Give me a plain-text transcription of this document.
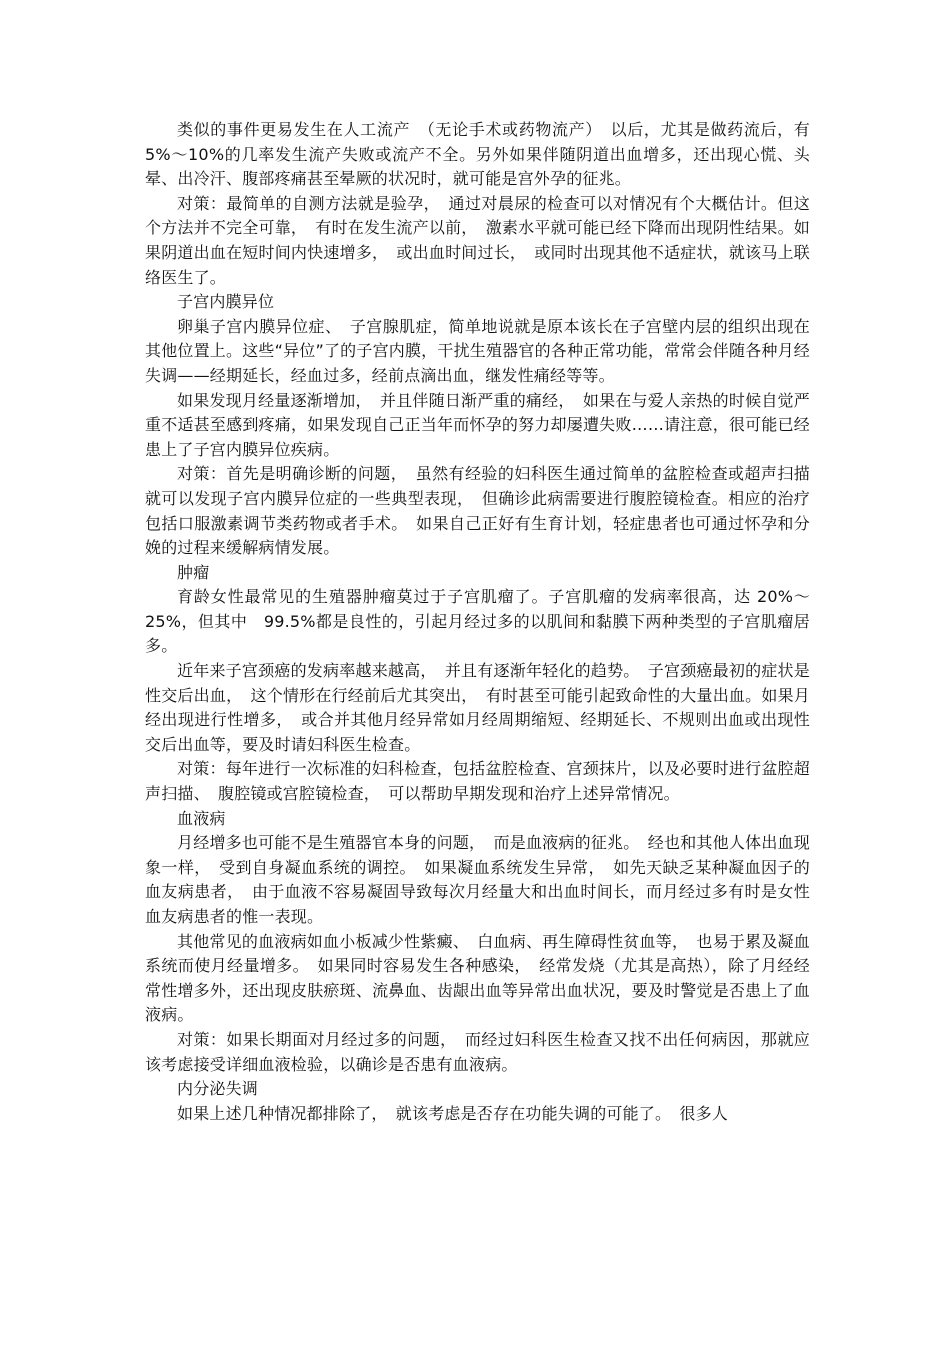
类似的事件更易发生在人工流产　（无论手术或药物流产）　以后，尤其是做药流后，有　5%～10%的几率发生流产失败或流产不全。另外如果伴随阴道出血增多，还出现心慌、头晕、出冷汗、腹部疼痛甚至晕厥的状况时，就可能是宫外孕的征兆。

对策：最简单的自测方法就是验孕，　通过对晨尿的检查可以对情况有个大概估计。但这个方法并不完全可靠，　有时在发生流产以前，　激素水平就可能已经下降而出现阴性结果。如果阴道出血在短时间内快速增多，　或出血时间过长，　或同时出现其他不适症状，就该马上联络医生了。

子宫内膜异位

卵巢子宫内膜异位症、　子宫腺肌症，简单地说就是原本该长在子宫壁内层的组织出现在其他位置上。这些“异位”了的子宫内膜，干扰生殖器官的各种正常功能，常常会伴随各种月经失调——经期延长，经血过多，经前点滴出血，继发性痛经等等。

如果发现月经量逐渐增加，　并且伴随日渐严重的痛经，　如果在与爱人亲热的时候自觉严重不适甚至感到疼痛，如果发现自己正当年而怀孕的努力却屡遭失败……请注意，很可能已经患上了子宫内膜异位疾病。

对策：首先是明确诊断的问题，　虽然有经验的妇科医生通过简单的盆腔检查或超声扫描就可以发现子宫内膜异位症的一些典型表现，　但确诊此病需要进行腹腔镜检查。相应的治疗包括口服激素调节类药物或者手术。　如果自己正好有生育计划，轻症患者也可通过怀孕和分娩的过程来缓解病情发展。

肿瘤

育龄女性最常见的生殖器肿瘤莫过于子宫肌瘤了。子宫肌瘤的发病率很高，达 20%～25%，但其中　99.5%都是良性的，引起月经过多的以肌间和黏膜下两种类型的子宫肌瘤居多。

近年来子宫颈癌的发病率越来越高，　并且有逐渐年轻化的趋势。　子宫颈癌最初的症状是性交后出血，　这个情形在行经前后尤其突出，　有时甚至可能引起致命性的大量出血。如果月经出现进行性增多，　或合并其他月经异常如月经周期缩短、经期延长、不规则出血或出现性交后出血等，要及时请妇科医生检查。

对策：每年进行一次标准的妇科检查，包括盆腔检查、宫颈抹片，以及必要时进行盆腔超声扫描、　腹腔镜或宫腔镜检查，　可以帮助早期发现和治疗上述异常情况。

血液病

月经增多也可能不是生殖器官本身的问题，　而是血液病的征兆。　经也和其他人体出血现象一样，　受到自身凝血系统的调控。　如果凝血系统发生异常，　如先天缺乏某种凝血因子的血友病患者，　由于血液不容易凝固导致每次月经量大和出血时间长，而月经过多有时是女性血友病患者的惟一表现。

其他常见的血液病如血小板减少性紫癜、　白血病、再生障碍性贫血等，　也易于累及凝血系统而使月经量增多。　如果同时容易发生各种感染，　经常发烧（尤其是高热），除了月经经常性增多外，还出现皮肤瘀斑、流鼻血、齿龈出血等异常出血状况，要及时警觉是否患上了血液病。

对策：如果长期面对月经过多的问题，　而经过妇科医生检查又找不出任何病因，那就应该考虑接受详细血液检验，以确诊是否患有血液病。

内分泌失调

如果上述几种情况都排除了，　就该考虑是否存在功能失调的可能了。　很多人
